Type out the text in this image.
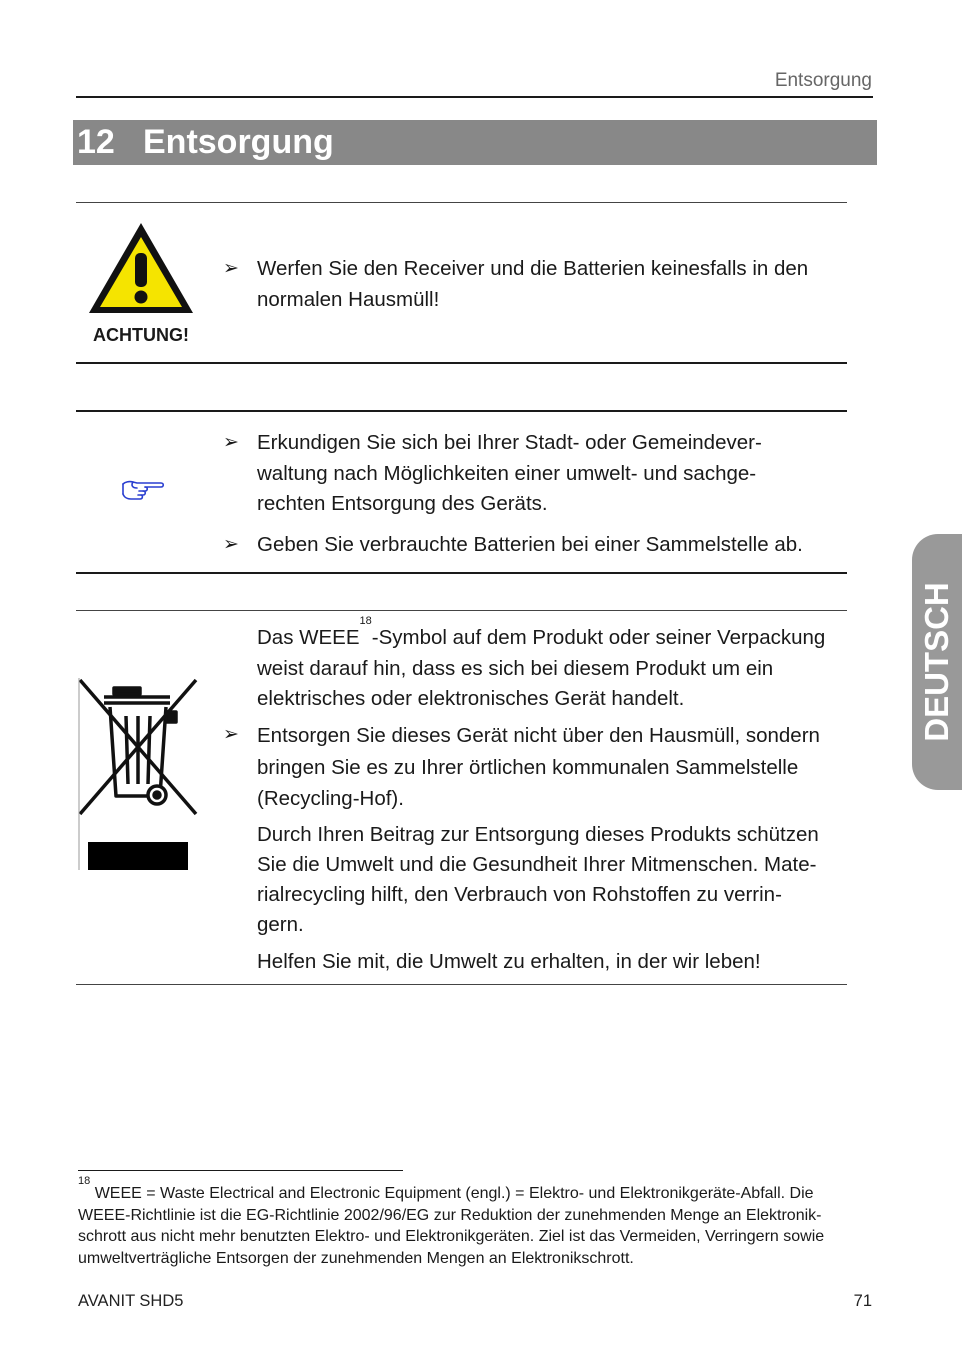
Entsorgung
12 Entsorgung
DEUTSCH
ACHTUNG!
➢ Werfen Sie den Receiver und die Batterien keinesfalls in den
normalen Hausmüll!
➢ Erkundigen Sie sich bei Ihrer Stadt- oder Gemeindever-
waltung nach Möglichkeiten einer umwelt- und sachge-
rechten Entsorgung des Geräts.
➢ Geben Sie verbrauchte Batterien bei einer Sammelstelle ab.
Das WEEE$^{18}$-Symbol auf dem Produkt oder seiner Verpackung
weist darauf hin, dass es sich bei diesem Produkt um ein
elektrisches oder elektronisches Gerät handelt.
➢ Entsorgen Sie dieses Gerät nicht über den Hausmüll, sondern
bringen Sie es zu Ihrer örtlichen kommunalen Sammelstelle
(Recycling-Hof).
Durch Ihren Beitrag zur Entsorgung dieses Produkts schützen
Sie die Umwelt und die Gesundheit Ihrer Mitmenschen. Mate-
rialrecycling hilft, den Verbrauch von Rohstoffen zu verrin-
gern.
Helfen Sie mit, die Umwelt zu erhalten, in der wir leben!
$^{18}$ WEEE = Waste Electrical and Electronic Equipment (engl.) = Elektro- und Elektronikgeräte-Abfall. Die
WEEE-Richtlinie ist die EG-Richtlinie 2002/96/EG zur Reduktion der zunehmenden Menge an Elektronik-
schrott aus nicht mehr benutzten Elektro- und Elektronikgeräten. Ziel ist das Vermeiden, Verringern sowie
umweltverträgliche Entsorgen der zunehmenden Mengen an Elektronikschrott.
AVANIT SHD5	71
